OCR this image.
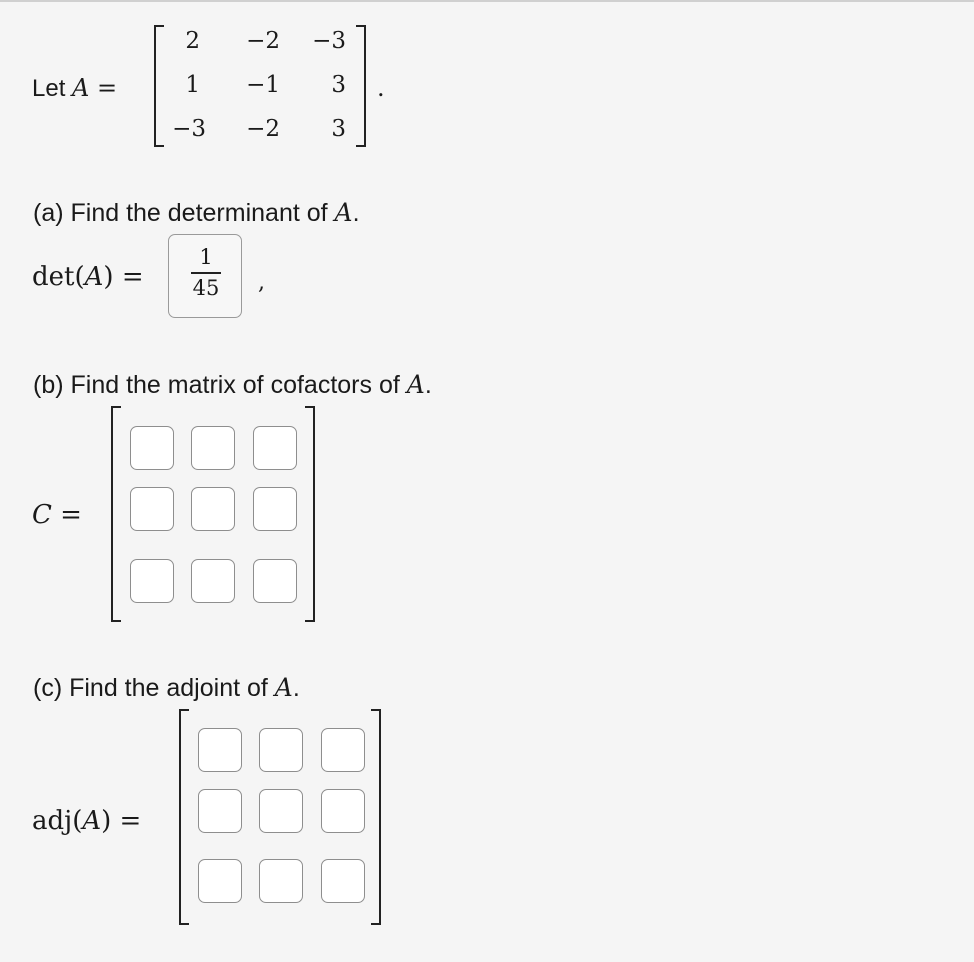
Let A =
2	−2	−3
1	−1	3
−3	−2	3
.
(a) Find the determinant of A.
det(A) =
1
45	,
(b) Find the matrix of cofactors of A.
C =
(c) Find the adjoint of A.
adj(A) =
